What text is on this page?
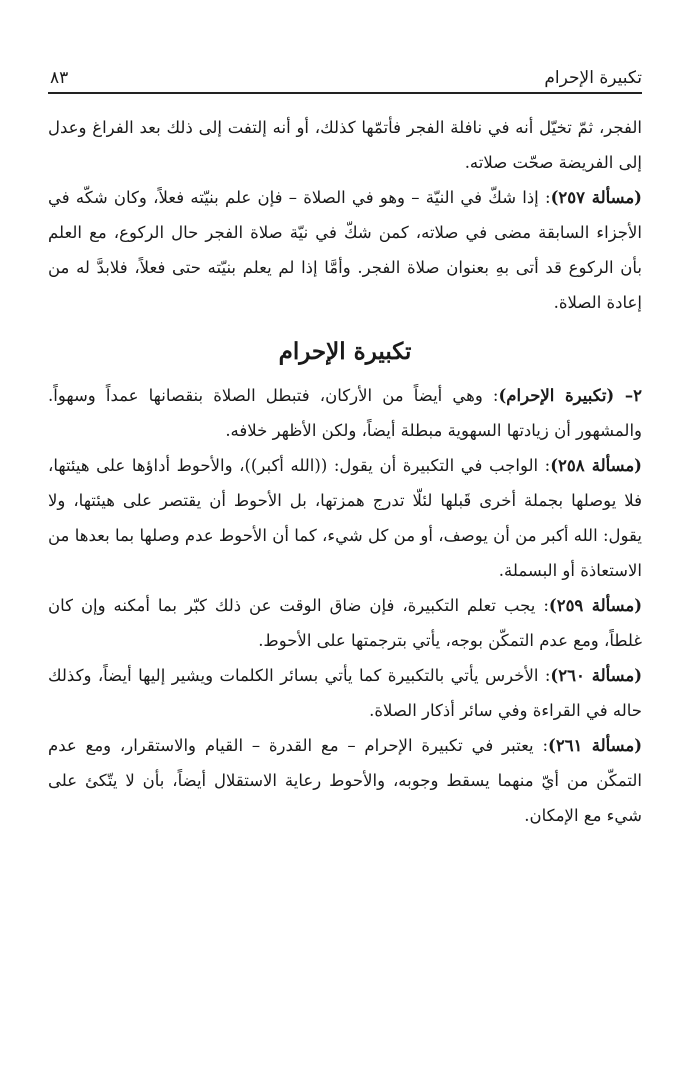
٨٣	تكبيرة الإحرام

الفجر، ثمّ تخيّل أنه في نافلة الفجر فأتمّها كذلك، أو أنه إلتفت إلى ذلك بعد الفراغ وعدل إلى الفريضة صحّت صلاته.

(مسألة ٢٥٧): إذا شكّ في النيّة – وهو في الصلاة – فإن علم بنيّته فعلاً، وكان شكّه في الأجزاء السابقة مضى في صلاته، كمن شكّ في نيّة صلاة الفجر حال الركوع، مع العلم بأن الركوع قد أتى بهِ بعنوان صلاة الفجر. وأمَّا إذا لم يعلم بنيّته حتى فعلاً، فلابدَّ له من إعادة الصلاة.

تكبيرة الإحرام

٢– (تكبيرة الإحرام): وهي أيضاً من الأركان، فتبطل الصلاة بنقصانها عمداً وسهواً. والمشهور أن زيادتها السهوية مبطلة أيضاً، ولكن الأظهر خلافه.

(مسألة ٢٥٨): الواجب في التكبيرة أن يقول: ((الله أكبر))، والأحوط أداؤها على هيئتها، فلا يوصلها بجملة أخرى قَبلها لئلّا تدرج همزتها، بل الأحوط أن يقتصر على هيئتها، ولا يقول: الله أكبر من أن يوصف، أو من كل شيء، كما أن الأحوط عدم وصلها بما بعدها من الاستعاذة أو البسملة.

(مسألة ٢٥٩): يجب تعلم التكبيرة، فإن ضاق الوقت عن ذلك كبّر بما أمكنه وإن كان غلطاً، ومع عدم التمكّن بوجه، يأتي بترجمتها على الأحوط.

(مسألة ٢٦٠): الأخرس يأتي بالتكبيرة كما يأتي بسائر الكلمات ويشير إليها أيضاً، وكذلك حاله في القراءة وفي سائر أذكار الصلاة.

(مسألة ٢٦١): يعتبر في تكبيرة الإحرام – مع القدرة – القيام والاستقرار، ومع عدم التمكّن من أيّ منهما يسقط وجوبه، والأحوط رعاية الاستقلال أيضاً، بأن لا يتّكئ على شيء مع الإمكان.
